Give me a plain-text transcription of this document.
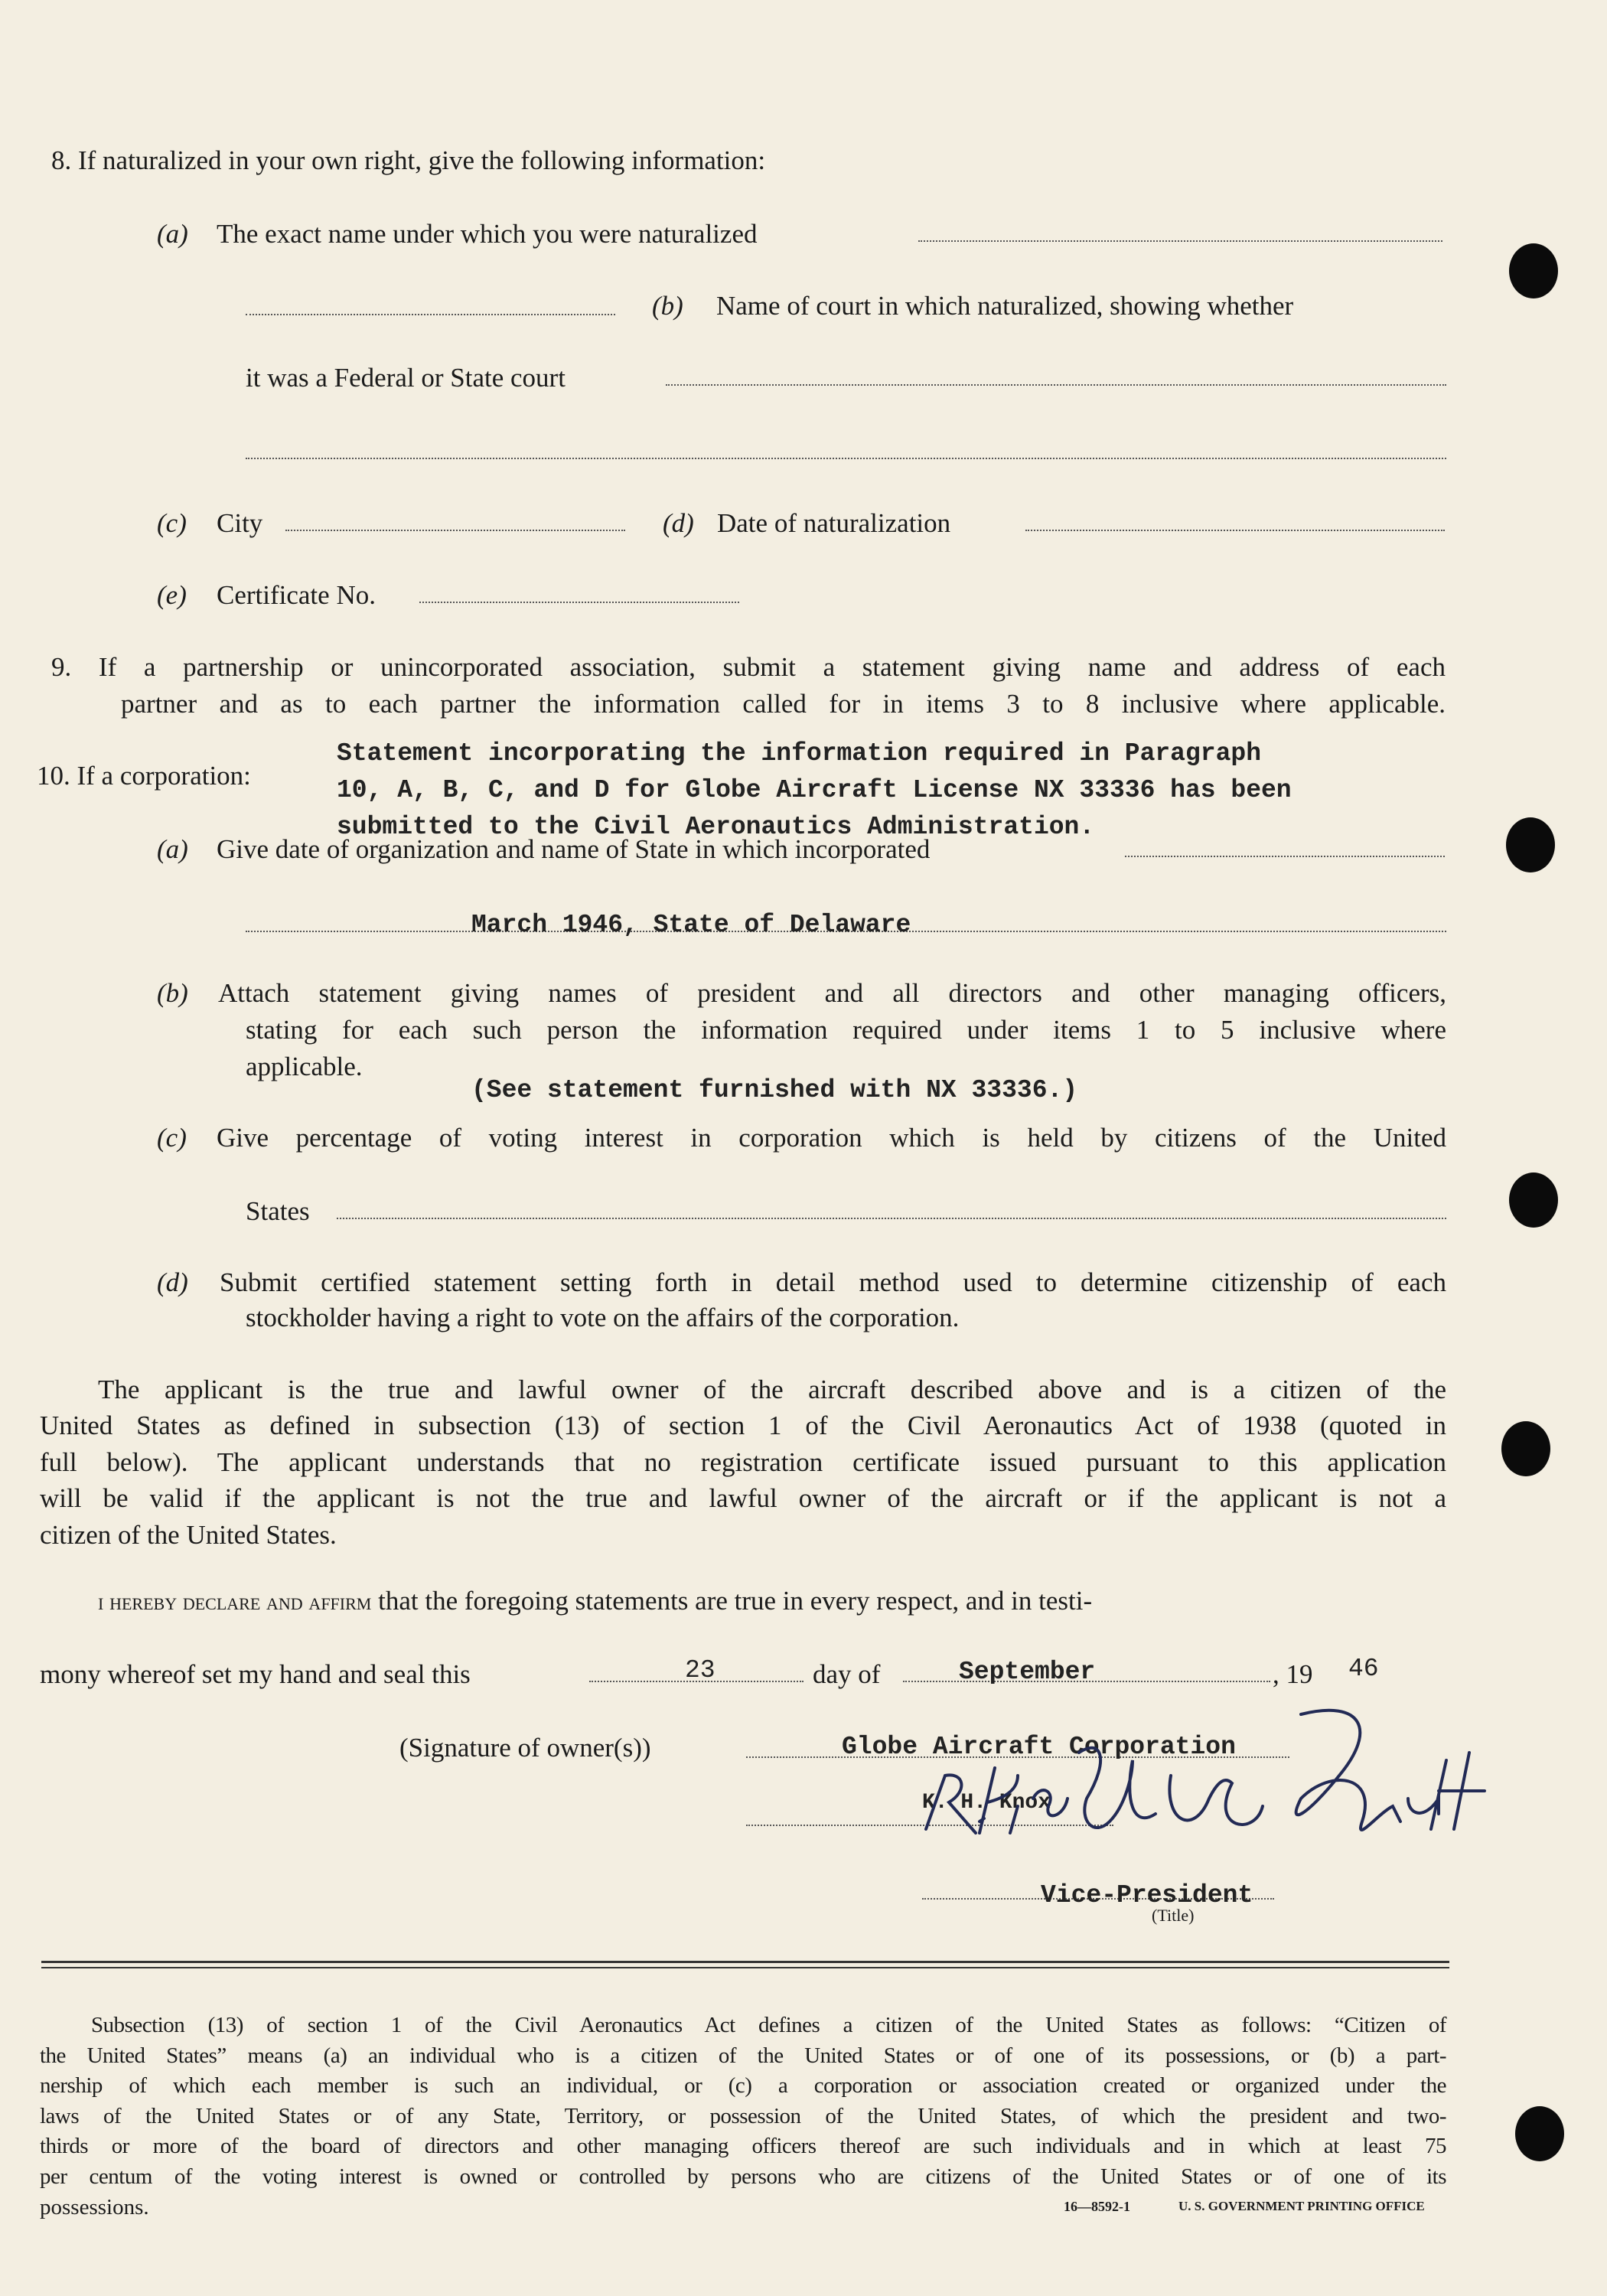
8. If naturalized in your own right, give the following information:
(a) The exact name under which you were naturalized
(b) Name of court in which naturalized, showing whether
it was a Federal or State court
(c) City	(d) Date of naturalization
(e) Certificate No.
9. If a partnership or unincorporated association, submit a statement giving name and address of each
partner and as to each partner the information called for in items 3 to 8 inclusive where applicable.
10. If a corporation:
Statement incorporating the information required in Paragraph
10, A, B, C, and D for Globe Aircraft License NX 33336 has been
submitted to the Civil Aeronautics Administration.
(a) Give date of organization and name of State in which incorporated
March 1946, State of Delaware
(b) Attach statement giving names of president and all directors and other managing officers,
stating for each such person the information required under items 1 to 5 inclusive where
applicable.
(See statement furnished with NX 33336.)
(c) Give percentage of voting interest in corporation which is held by citizens of the United
States
(d) Submit certified statement setting forth in detail method used to determine citizenship of each
stockholder having a right to vote on the affairs of the corporation.
The applicant is the true and lawful owner of the aircraft described above and is a citizen of the
United States as defined in subsection (13) of section 1 of the Civil Aeronautics Act of 1938 (quoted in
full below). The applicant understands that no registration certificate issued pursuant to this application
will be valid if the applicant is not the true and lawful owner of the aircraft or if the applicant is not a
citizen of the United States.
i hereby declare and affirm that the foregoing statements are true in every respect, and in testi-
mony whereof set my hand and seal this	23	day of	September	, 19 46
(Signature of owner(s))	Globe Aircraft Corporation
K. H. Knox
Vice-President
(Title)
Subsection (13) of section 1 of the Civil Aeronautics Act defines a citizen of the United States as follows: “Citizen of
the United States” means (a) an individual who is a citizen of the United States or of one of its possessions, or (b) a part-
nership of which each member is such an individual, or (c) a corporation or association created or organized under the
laws of the United States or of any State, Territory, or possession of the United States, of which the president and two-
thirds or more of the board of directors and other managing officers thereof are such individuals and in which at least 75
per centum of the voting interest is owned or controlled by persons who are citizens of the United States or of one of its
possessions.	16—8592-1	U. S. GOVERNMENT PRINTING OFFICE
